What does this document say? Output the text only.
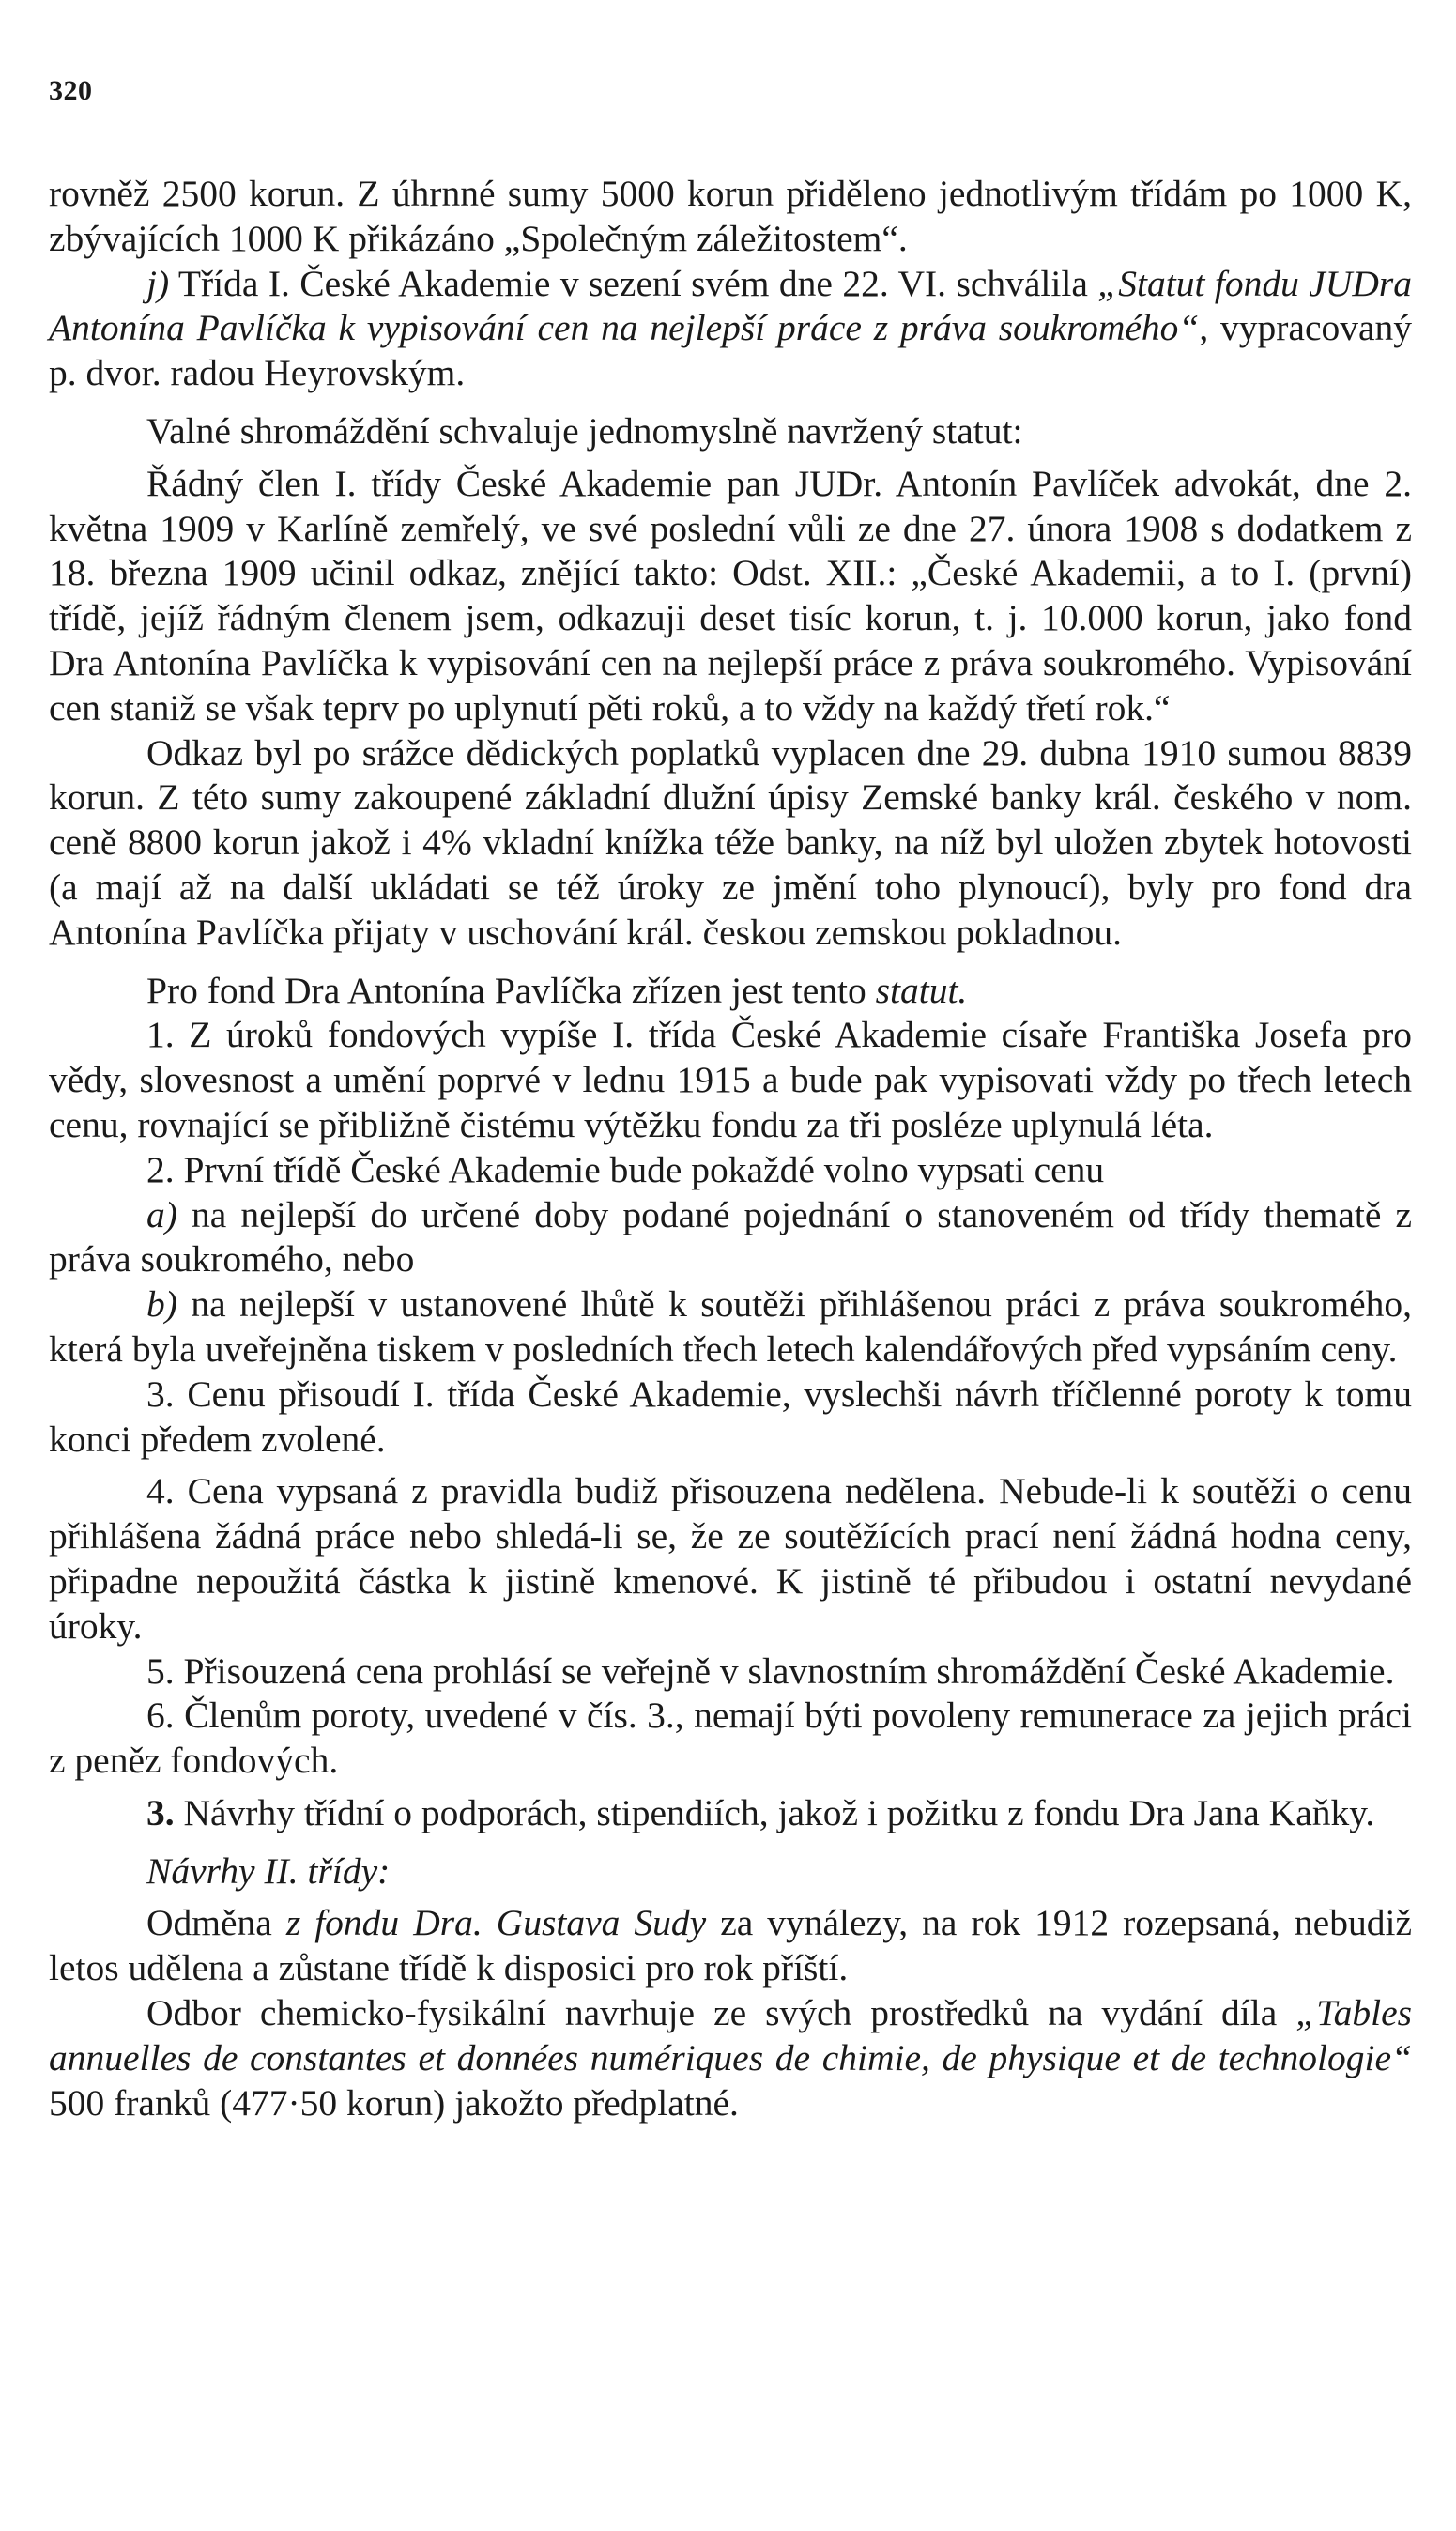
320

rovněž 2500 korun. Z úhrnné sumy 5000 korun přiděleno jednotlivým třídám po 1000 K, zbývajících 1000 K přikázáno „Společným záležitostem“.

j) Třída I. České Akademie v sezení svém dne 22. VI. schválila „Statut fondu JUDra Antonína Pavlíčka k vypisování cen na nejlepší práce z práva soukromého“, vypracovaný p. dvor. radou Heyrovským.

Valné shromáždění schvaluje jednomyslně navržený statut:

Řádný člen I. třídy České Akademie pan JUDr. Antonín Pavlíček advokát, dne 2. května 1909 v Karlíně zemřelý, ve své poslední vůli ze dne 27. února 1908 s dodatkem z 18. března 1909 učinil odkaz, znějící takto: Odst. XII.: „České Akademii, a to I. (první) třídě, jejíž řádným členem jsem, odkazuji deset tisíc korun, t. j. 10.000 korun, jako fond Dra Antonína Pavlíčka k vypisování cen na nejlepší práce z práva soukromého. Vypisování cen staniž se však teprv po uplynutí pěti roků, a to vždy na každý třetí rok.“

Odkaz byl po srážce dědických poplatků vyplacen dne 29. dubna 1910 sumou 8839 korun. Z této sumy zakoupené základní dlužní úpisy Zemské banky král. českého v nom. ceně 8800 korun jakož i 4% vkladní knížka téže banky, na níž byl uložen zbytek hotovosti (a mají až na další ukládati se též úroky ze jmění toho plynoucí), byly pro fond dra Antonína Pavlíčka přijaty v uschování král. českou zemskou pokladnou.

Pro fond Dra Antonína Pavlíčka zřízen jest tento statut.

1. Z úroků fondových vypíše I. třída České Akademie císaře Františka Josefa pro vědy, slovesnost a umění poprvé v lednu 1915 a bude pak vypisovati vždy po třech letech cenu, rovnající se přibližně čistému výtěžku fondu za tři posléze uplynulá léta.

2. První třídě České Akademie bude pokaždé volno vypsati cenu

a) na nejlepší do určené doby podané pojednání o stanoveném od třídy thematě z práva soukromého, nebo

b) na nejlepší v ustanovené lhůtě k soutěži přihlášenou práci z práva soukromého, která byla uveřejněna tiskem v posledních třech letech kalendářových před vypsáním ceny.

3. Cenu přisoudí I. třída České Akademie, vyslechši návrh tříčlenné poroty k tomu konci předem zvolené.

4. Cena vypsaná z pravidla budiž přisouzena nedělena. Nebude-li k soutěži o cenu přihlášena žádná práce nebo shledá-li se, že ze soutěžících prací není žádná hodna ceny, připadne nepoužitá částka k jistině kmenové. K jistině té přibudou i ostatní nevydané úroky.

5. Přisouzená cena prohlásí se veřejně v slavnostním shromáždění České Akademie.

6. Členům poroty, uvedené v čís. 3., nemají býti povoleny remunerace za jejich práci z peněz fondových.

3. Návrhy třídní o podporách, stipendiích, jakož i požitku z fondu Dra Jana Kaňky.

Návrhy II. třídy:

Odměna z fondu Dra. Gustava Sudy za vynálezy, na rok 1912 rozepsaná, nebudiž letos udělena a zůstane třídě k disposici pro rok příští.

Odbor chemicko-fysikální navrhuje ze svých prostředků na vydání díla „Tables annuelles de constantes et données numériques de chimie, de physique et de technologie“ 500 franků (477·50 korun) jakožto předplatné.
